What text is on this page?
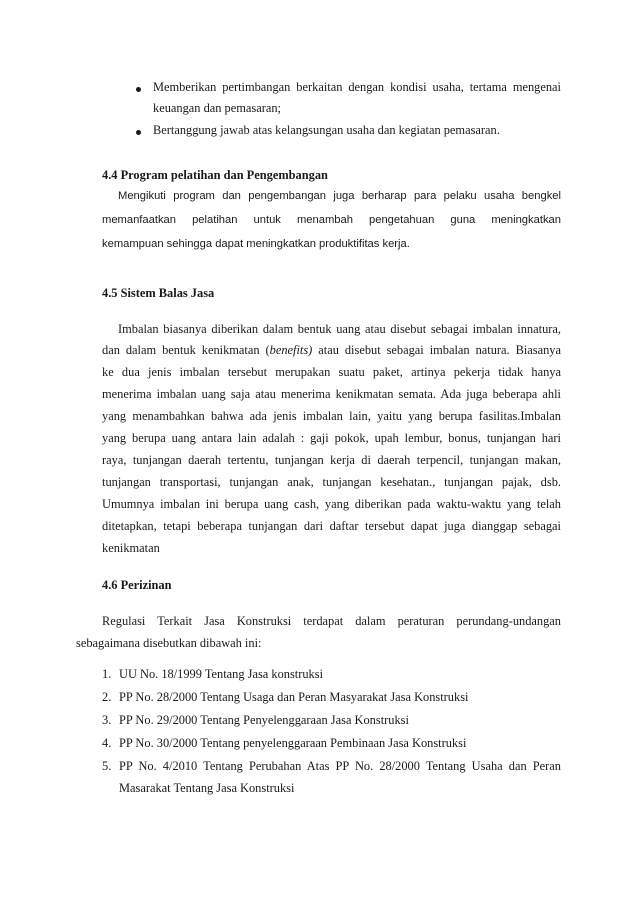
Memberikan pertimbangan berkaitan dengan kondisi usaha, tertama mengenai
keuangan dan pemasaran;
Bertanggung jawab atas kelangsungan usaha dan kegiatan pemasaran.
4.4 Program pelatihan dan Pengembangan
Mengikuti program dan pengembangan juga berharap para pelaku usaha bengkel
memanfaatkan pelatihan untuk menambah pengetahuan guna meningkatkan
kemampuan sehingga dapat meningkatkan produktifitas kerja.
4.5 Sistem Balas Jasa
Imbalan biasanya diberikan dalam bentuk uang atau disebut sebagai imbalan innatura,
dan dalam bentuk kenikmatan (benefits) atau disebut sebagai imbalan natura. Biasanya
ke dua jenis imbalan tersebut merupakan suatu paket, artinya pekerja tidak hanya
menerima imbalan uang saja atau menerima kenikmatan semata. Ada juga beberapa ahli
yang menambahkan bahwa ada jenis imbalan lain, yaitu yang berupa fasilitas.Imbalan
yang berupa uang antara lain adalah : gaji pokok, upah lembur, bonus, tunjangan hari
raya, tunjangan daerah tertentu, tunjangan kerja di daerah terpencil, tunjangan makan,
tunjangan transportasi, tunjangan anak, tunjangan kesehatan., tunjangan pajak, dsb.
Umumnya imbalan ini berupa uang cash, yang diberikan pada waktu-waktu yang telah
ditetapkan, tetapi beberapa tunjangan dari daftar tersebut dapat juga dianggap sebagai
kenikmatan
4.6 Perizinan
Regulasi Terkait Jasa Konstruksi terdapat dalam peraturan perundang-undangan
sebagaimana disebutkan dibawah ini:
1. UU No. 18/1999 Tentang Jasa konstruksi
2. PP No. 28/2000 Tentang Usaga dan Peran Masyarakat Jasa Konstruksi
3. PP No. 29/2000 Tentang Penyelenggaraan Jasa Konstruksi
4. PP No. 30/2000 Tentang penyelenggaraan Pembinaan Jasa Konstruksi
5. PP No. 4/2010 Tentang Perubahan Atas PP No. 28/2000 Tentang Usaha dan Peran
Masarakat Tentang Jasa Konstruksi
